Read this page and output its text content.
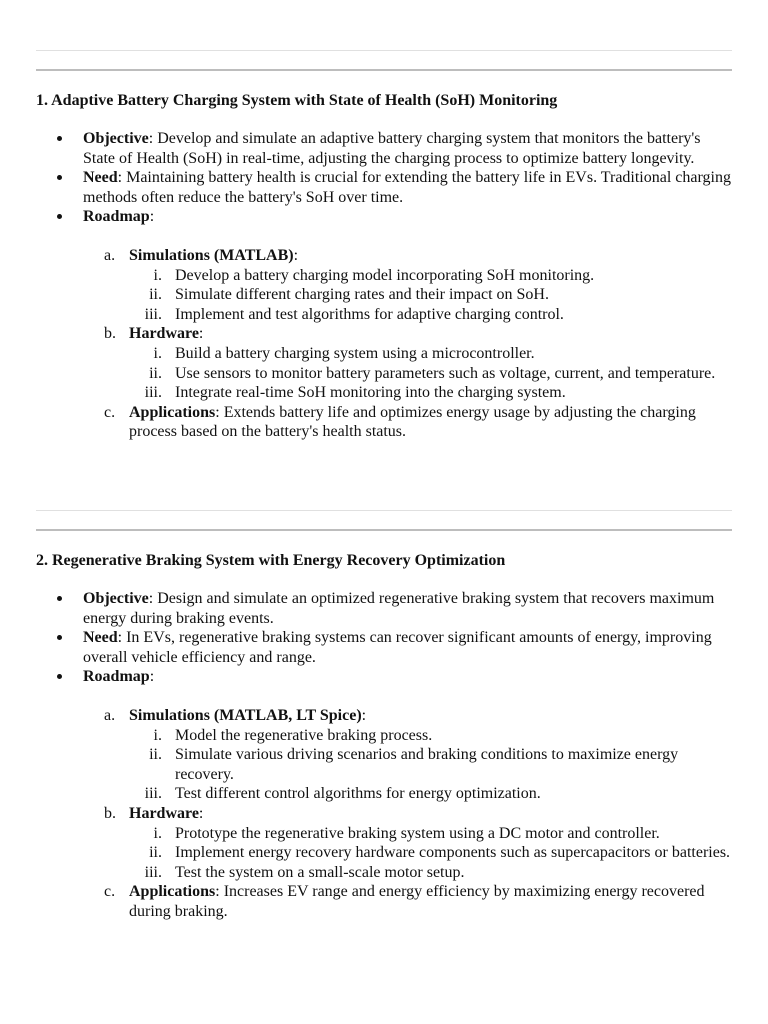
1. Adaptive Battery Charging System with State of Health (SoH) Monitoring

Objective: Develop and simulate an adaptive battery charging system that monitors the battery's State of Health (SoH) in real-time, adjusting the charging process to optimize battery longevity.
Need: Maintaining battery health is crucial for extending the battery life in EVs. Traditional charging methods often reduce the battery's SoH over time.
Roadmap:
a. Simulations (MATLAB):
i. Develop a battery charging model incorporating SoH monitoring.
ii. Simulate different charging rates and their impact on SoH.
iii. Implement and test algorithms for adaptive charging control.
b. Hardware:
i. Build a battery charging system using a microcontroller.
ii. Use sensors to monitor battery parameters such as voltage, current, and temperature.
iii. Integrate real-time SoH monitoring into the charging system.
c. Applications: Extends battery life and optimizes energy usage by adjusting the charging process based on the battery's health status.

2. Regenerative Braking System with Energy Recovery Optimization

Objective: Design and simulate an optimized regenerative braking system that recovers maximum energy during braking events.
Need: In EVs, regenerative braking systems can recover significant amounts of energy, improving overall vehicle efficiency and range.
Roadmap:
a. Simulations (MATLAB, LT Spice):
i. Model the regenerative braking process.
ii. Simulate various driving scenarios and braking conditions to maximize energy recovery.
iii. Test different control algorithms for energy optimization.
b. Hardware:
i. Prototype the regenerative braking system using a DC motor and controller.
ii. Implement energy recovery hardware components such as supercapacitors or batteries.
iii. Test the system on a small-scale motor setup.
c. Applications: Increases EV range and energy efficiency by maximizing energy recovered during braking.
